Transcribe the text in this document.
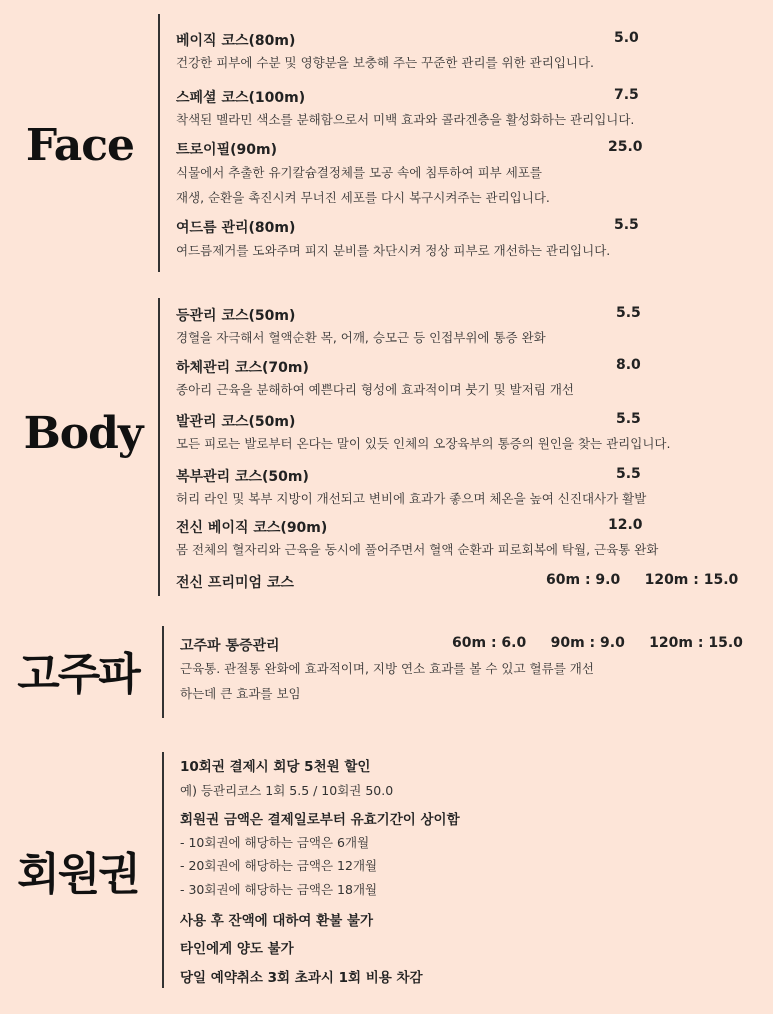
Face
베이직 코스(80m)	5.0
건강한 피부에 수분 및 영향분을 보충해 주는 꾸준한 관리를 위한 관리입니다.
스페셜 코스(100m)	7.5
착색된 멜라민 색소를 분해함으로서 미백 효과와 콜라겐층을 활성화하는 관리입니다.
트로이필(90m)	25.0
식물에서 추출한 유기칼슘결정체를 모공 속에 침투하여 피부 세포를
재생, 순환을 촉진시켜 무너진 세포를 다시 복구시켜주는 관리입니다.
여드름 관리(80m)	5.5
여드름제거를 도와주며 피지 분비를 차단시켜 정상 피부로 개선하는 관리입니다.
Body
등관리 코스(50m)	5.5
경혈을 자극해서 혈액순환 목, 어깨, 승모근 등 인접부위에 통증 완화
하체관리 코스(70m)	8.0
종아리 근육을 분해하여 예쁜다리 형성에 효과적이며 붓기 및 발저림 개선
발관리 코스(50m)	5.5
모든 피로는 발로부터 온다는 말이 있듯 인체의 오장육부의 통증의 원인을 찾는 관리입니다.
복부관리 코스(50m)	5.5
허리 라인 및 복부 지방이 개선되고 변비에 효과가 좋으며 체온을 높여 신진대사가 활발
전신 베이직 코스(90m)	12.0
몸 전체의 혈자리와 근육을 동시에 풀어주면서 혈액 순환과 피로회복에 탁월, 근육통 완화
전신 프리미엄 코스	60m : 9.0     120m : 15.0
고주파
고주파 통증관리	60m : 6.0     90m : 9.0     120m : 15.0
근육통. 관절통 완화에 효과적이며, 지방 연소 효과를 볼 수 있고 혈류를 개선
하는데 큰 효과를 보임
회원권
10회권 결제시 회당 5천원 할인
예) 등관리코스 1회 5.5 / 10회권 50.0
회원권 금액은 결제일로부터 유효기간이 상이함
- 10회권에 해당하는 금액은 6개월
- 20회권에 해당하는 금액은 12개월
- 30회권에 해당하는 금액은 18개월
사용 후 잔액에 대하여 환불 불가
타인에게 양도 불가
당일 예약취소 3회 초과시 1회 비용 차감
